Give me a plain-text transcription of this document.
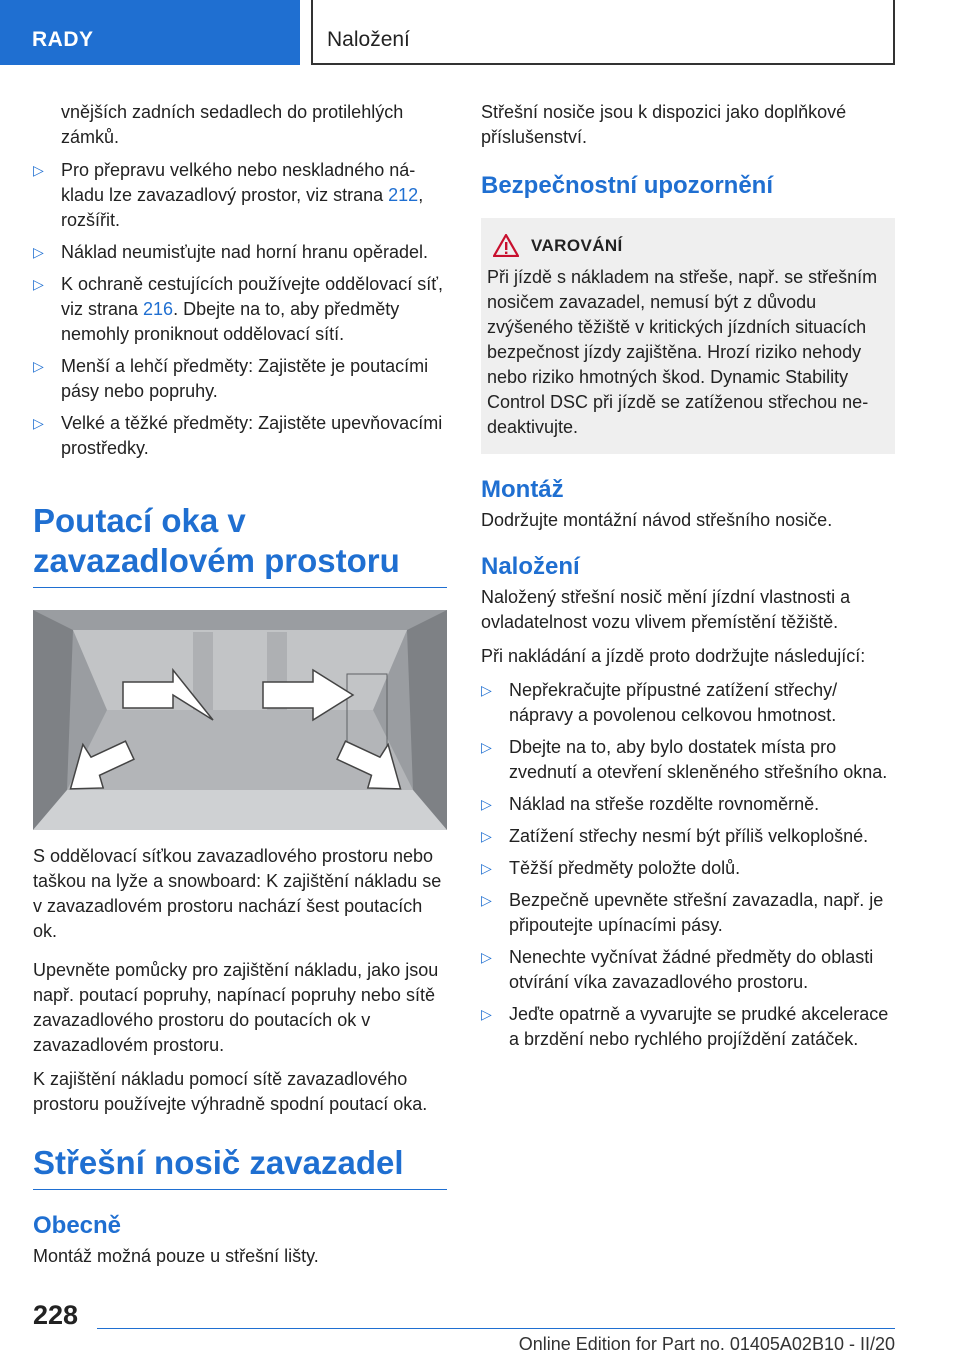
RADY	Naložení
vnějších zadních sedadlech do protilehlých zámků.
▷ Pro přepravu velkého nebo neskladného nákladu lze zavazadlový prostor, viz strana 212, rozšířit.
▷ Náklad neumisťujte nad horní hranu opěradel.
▷ K ochraně cestujících používejte oddělovací síť, viz strana 216. Dbejte na to, aby předměty nemohly proniknout oddělovací sítí.
▷ Menší a lehčí předměty: Zajistěte je poutacími pásy nebo popruhy.
▷ Velké a těžké předměty: Zajistěte upevňovacími prostředky.
Poutací oka v zavazadlovém prostoru

S oddělovací síťkou zavazadlového prostoru nebo taškou na lyže a snowboard: K zajištění nákladu se v zavazadlovém prostoru nachází šest poutacích ok.

Upevněte pomůcky pro zajištění nákladu, jako jsou např. poutací popruhy, napínací popruhy nebo sítě zavazadlového prostoru do poutacích ok v zavazadlovém prostoru.

K zajištění nákladu pomocí sítě zavazadlového prostoru používejte výhradně spodní poutací oka.

Střešní nosič zavazadel
Obecně

Montáž možná pouze u střešní lišty.

Střešní nosiče jsou k dispozici jako doplňkové příslušenství.

Bezpečnostní upozornění
VAROVÁNÍ

Při jízdě s nákladem na střeše, např. se střešním nosičem zavazadel, nemusí být z důvodu zvýšeného těžiště v kritických jízdních situacích bezpečnost jízdy zajištěna. Hrozí riziko nehody nebo riziko hmotných škod. Dynamic Stability Control DSC při jízdě se zatíženou střechou nedeaktivujte.

Montáž

Dodržujte montážní návod střešního nosiče.

Naložení

Naložený střešní nosič mění jízdní vlastnosti a ovladatelnost vozu vlivem přemístění těžiště.

Při nakládání a jízdě proto dodržujte následující:

▷ Nepřekračujte přípustné zatížení střechy/ nápravy a povolenou celkovou hmotnost.
▷ Dbejte na to, aby bylo dostatek místa pro zvednutí a otevření skleněného střešního okna.
▷ Náklad na střeše rozdělte rovnoměrně.
▷ Zatížení střechy nesmí být příliš velkoplošné.
▷ Těžší předměty položte dolů.
▷ Bezpečně upevněte střešní zavazadla, např. je připoutejte upínacími pásy.
▷ Nenechte vyčnívat žádné předměty do oblasti otvírání víka zavazadlového prostoru.
▷ Jeďte opatrně a vyvarujte se prudké akcelerace a brzdění nebo rychlého projíždění zatáček.
228
Online Edition for Part no. 01405A02B10 - II/20
